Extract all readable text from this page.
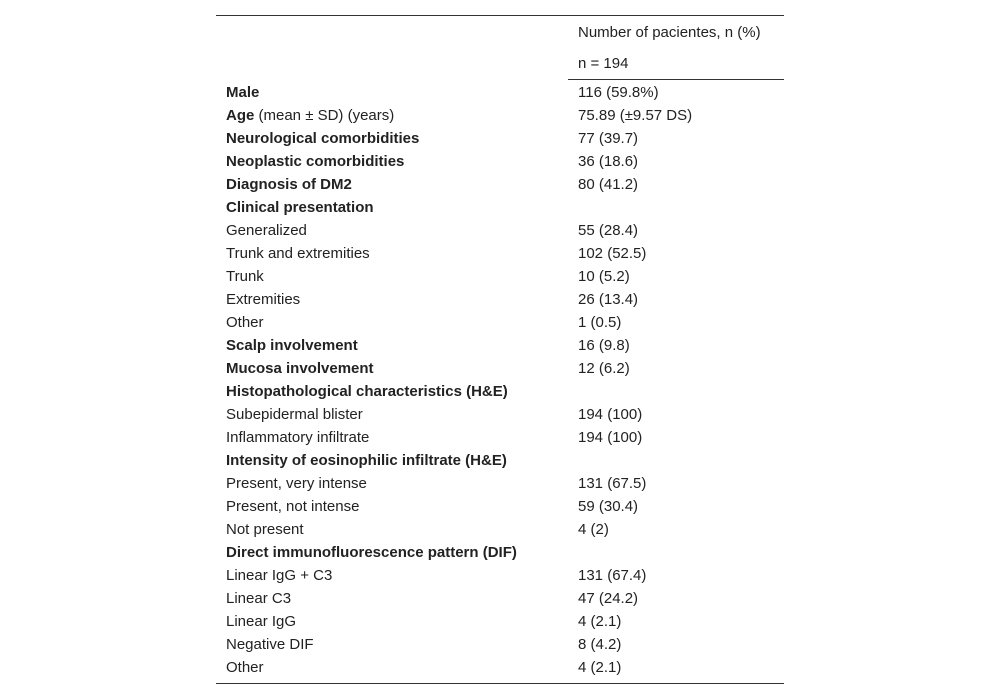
Number of pacientes, n (%)
n = 194
Male	116 (59.8%)
Age (mean ± SD) (years)	75.89 (±9.57 DS)
Neurological comorbidities	77 (39.7)
Neoplastic comorbidities	36 (18.6)
Diagnosis of DM2	80 (41.2)
Clinical presentation
Generalized	55 (28.4)
Trunk and extremities	102 (52.5)
Trunk	10 (5.2)
Extremities	26 (13.4)
Other	1 (0.5)
Scalp involvement	16 (9.8)
Mucosa involvement	12 (6.2)
Histopathological characteristics (H&E)
Subepidermal blister	194 (100)
Inflammatory infiltrate	194 (100)
Intensity of eosinophilic infiltrate (H&E)
Present, very intense	131 (67.5)
Present, not intense	59 (30.4)
Not present	4 (2)
Direct immunofluorescence pattern (DIF)
Linear IgG + C3	131 (67.4)
Linear C3	47 (24.2)
Linear IgG	4 (2.1)
Negative DIF	8 (4.2)
Other	4 (2.1)
